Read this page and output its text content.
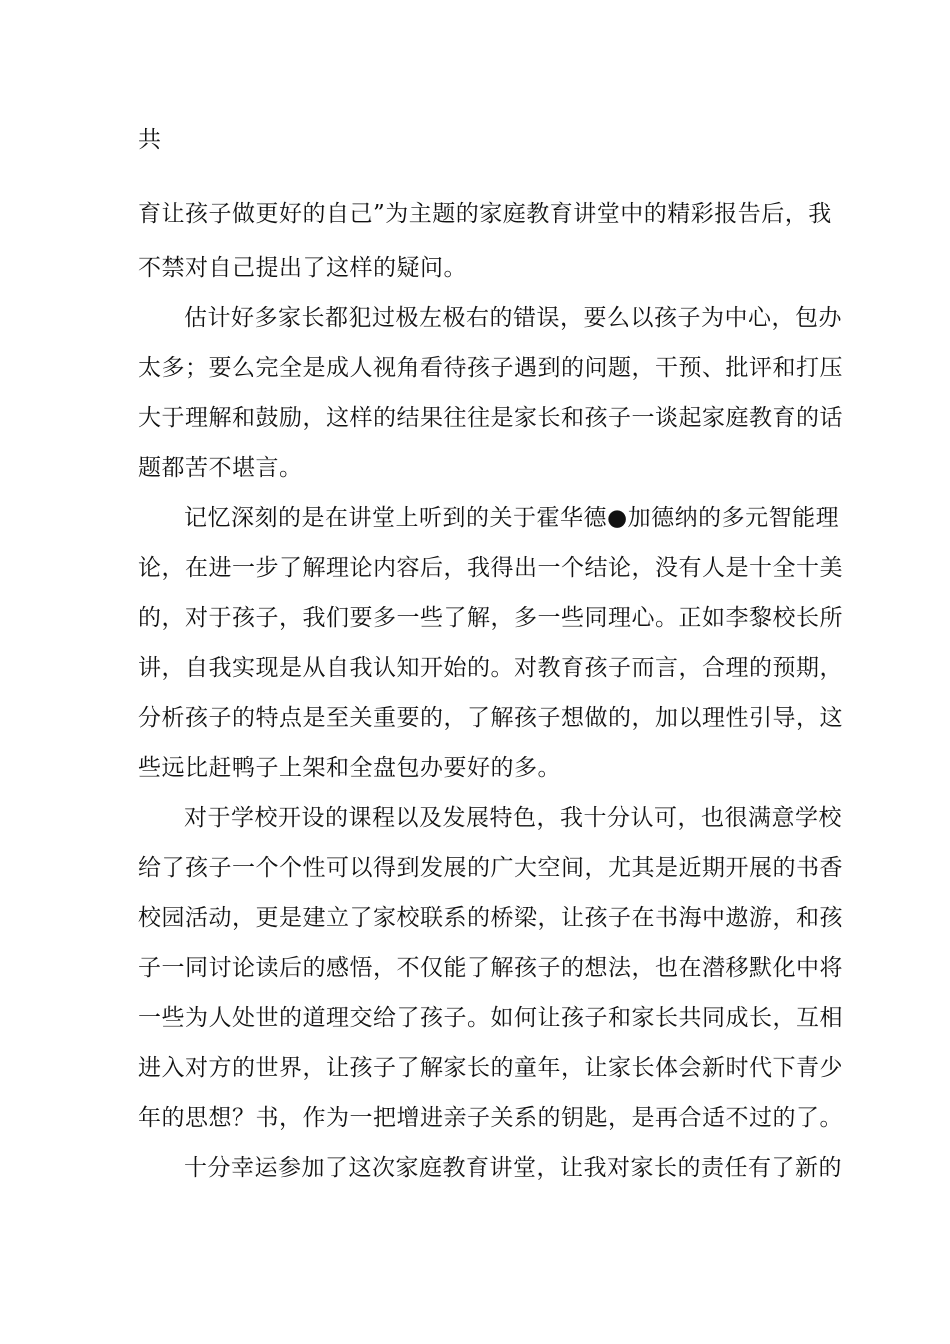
共
育让孩子做更好的自己”为主题的家庭教育讲堂中的精彩报告后，我
不禁对自己提出了这样的疑问。
估计好多家长都犯过极左极右的错误，要么以孩子为中心，包办
太多；要么完全是成人视角看待孩子遇到的问题，干预、批评和打压
大于理解和鼓励，这样的结果往往是家长和孩子一谈起家庭教育的话
题都苦不堪言。
记忆深刻的是在讲堂上听到的关于霍华德●加德纳的多元智能理
论，在进一步了解理论内容后，我得出一个结论，没有人是十全十美
的，对于孩子，我们要多一些了解，多一些同理心。正如李黎校长所
讲，自我实现是从自我认知开始的。对教育孩子而言，合理的预期，
分析孩子的特点是至关重要的，了解孩子想做的，加以理性引导，这
些远比赶鸭子上架和全盘包办要好的多。
对于学校开设的课程以及发展特色，我十分认可，也很满意学校
给了孩子一个个性可以得到发展的广大空间，尤其是近期开展的书香
校园活动，更是建立了家校联系的桥梁，让孩子在书海中遨游，和孩
子一同讨论读后的感悟，不仅能了解孩子的想法，也在潜移默化中将
一些为人处世的道理交给了孩子。如何让孩子和家长共同成长，互相
进入对方的世界，让孩子了解家长的童年，让家长体会新时代下青少
年的思想？书，作为一把增进亲子关系的钥匙，是再合适不过的了。
十分幸运参加了这次家庭教育讲堂，让我对家长的责任有了新的
